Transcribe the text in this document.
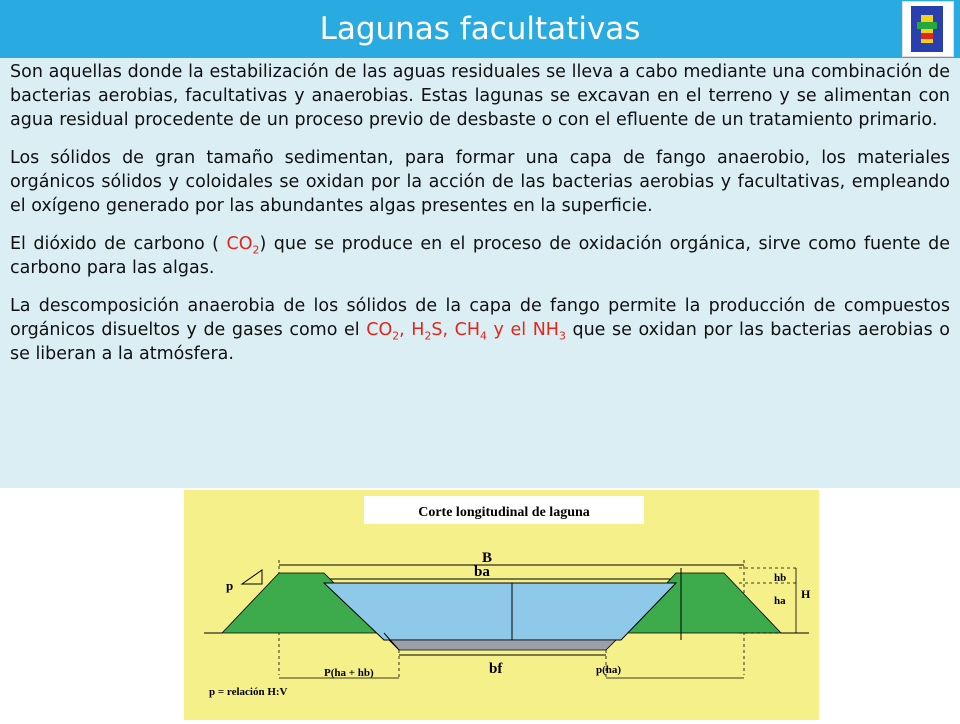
Lagunas facultativas

Son aquellas donde la estabilización de las aguas residuales se lleva a cabo mediante una combinación de bacterias aerobias, facultativas y anaerobias. Estas lagunas se excavan en el terreno y se alimentan con agua residual procedente de un proceso previo de desbaste o con el efluente de un tratamiento primario.

Los sólidos de gran tamaño sedimentan, para formar una capa de fango anaerobio, los materiales orgánicos sólidos y coloidales se oxidan por la acción de las bacterias aerobias y facultativas, empleando el oxígeno generado por las abundantes algas presentes en la superficie.

El dióxido de carbono ( $CO_2$) que se produce en el proceso de oxidación orgánica, sirve como fuente de carbono para las algas.

La descomposición anaerobia de los sólidos de la capa de fango permite la producción de compuestos orgánicos disueltos y de gases como el $CO_2$, $H_2S$, $CH_4$ y el $NH_3$ que se oxidan por las bacterias aerobias o se liberan a la atmósfera.

Corte longitudinal de laguna
B
ba
p	hb
ha H
bf
P(ha + hb)	p(ha)
p = relación H:V
